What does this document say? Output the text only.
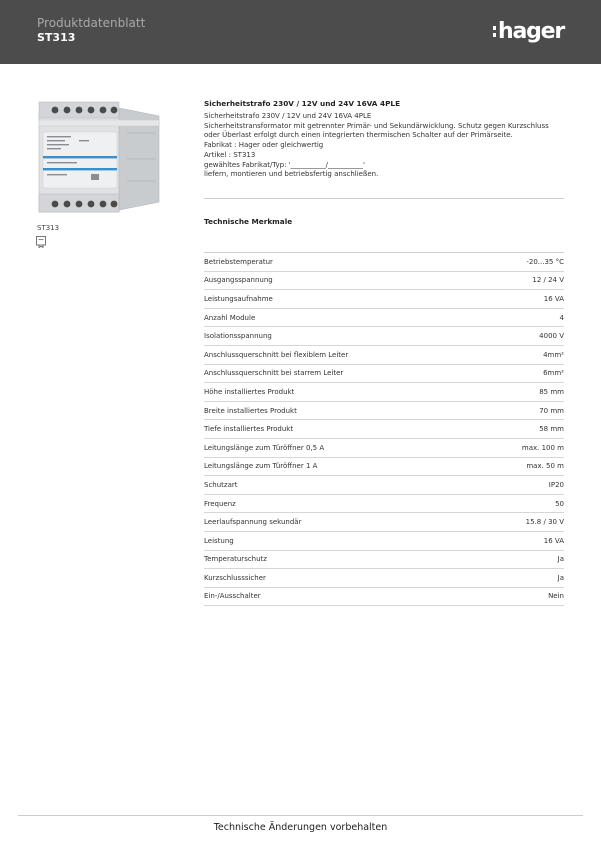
Produktdatenblatt
ST313	hager
ST313
Sicherheitstrafo 230V / 12V und 24V 16VA 4PLE
Sicherheitstrafo 230V / 12V und 24V 16VA 4PLE
Sicherheitstransformator mit getrennter Primär- und Sekundärwicklung. Schutz gegen Kurzschluss
oder Überlast erfolgt durch einen integrierten thermischen Schalter auf der Primärseite.
Fabrikat : Hager oder gleichwertig
Artikel : ST313
gewähltes Fabrikat/Typ: '__________/__________'
liefern, montieren und betriebsfertig anschließen.
Technische Merkmale
Betriebstemperatur	-20...35 °C
Ausgangsspannung	12 / 24 V
Leistungsaufnahme	16 VA
Anzahl Module	4
Isolationsspannung	4000 V
Anschlussquerschnitt bei flexiblem Leiter	4mm²
Anschlussquerschnitt bei starrem Leiter	6mm²
Höhe installiertes Produkt	85 mm
Breite installiertes Produkt	70 mm
Tiefe installiertes Produkt	58 mm
Leitungslänge zum Türöffner 0,5 A	max. 100 m
Leitungslänge zum Türöffner 1 A	max. 50 m
Schutzart	IP20
Frequenz	50
Leerlaufspannung sekundär	15.8 / 30 V
Leistung	16 VA
Temperaturschutz	Ja
Kurzschlusssicher	Ja
Ein-/Ausschalter	Nein
Technische Änderungen vorbehalten
